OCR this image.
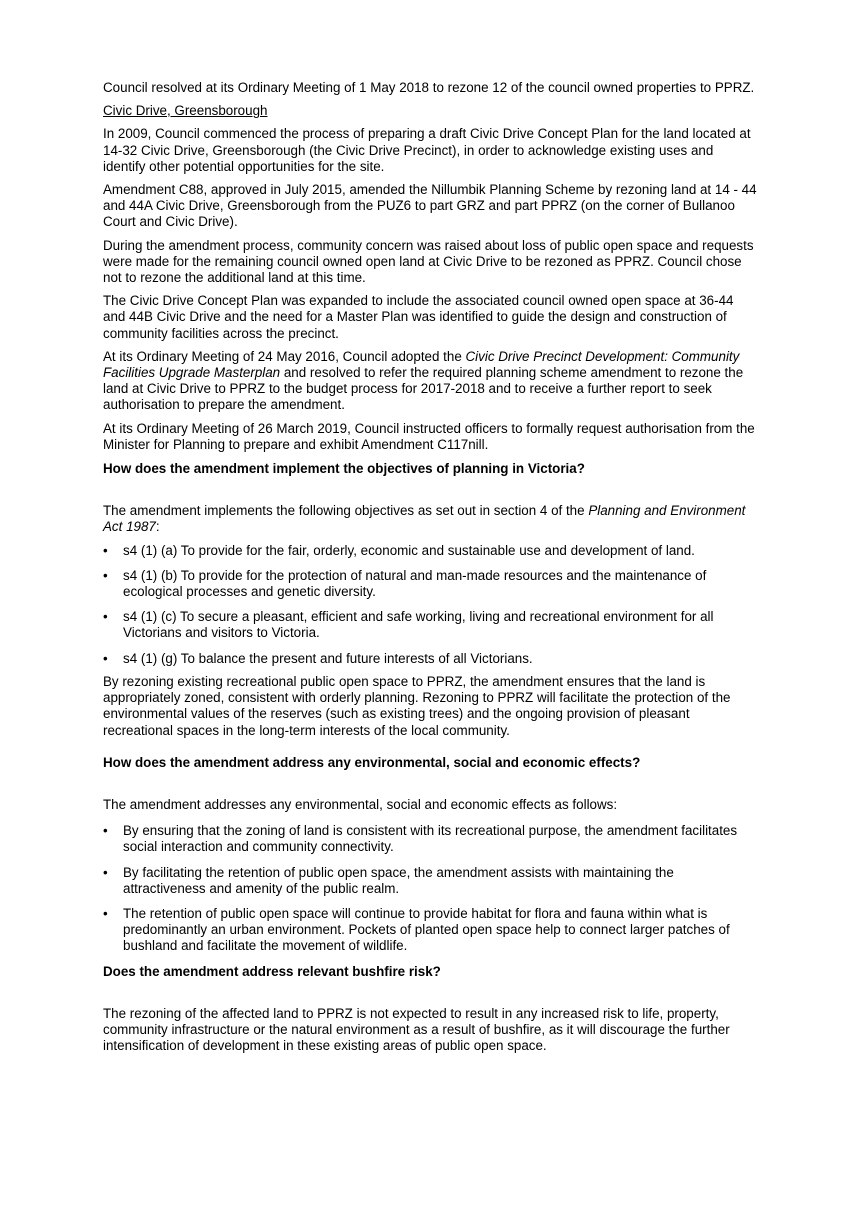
Council resolved at its Ordinary Meeting of 1 May 2018 to rezone 12 of the council owned properties to PPRZ.

Civic Drive, Greensborough

In 2009, Council commenced the process of preparing a draft Civic Drive Concept Plan for the land located at 14-32 Civic Drive, Greensborough (the Civic Drive Precinct), in order to acknowledge existing uses and identify other potential opportunities for the site.

Amendment C88, approved in July 2015, amended the Nillumbik Planning Scheme by rezoning land at 14 - 44 and 44A Civic Drive, Greensborough from the PUZ6 to part GRZ and part PPRZ (on the corner of Bullanoo Court and Civic Drive).

During the amendment process, community concern was raised about loss of public open space and requests were made for the remaining council owned open land at Civic Drive to be rezoned as PPRZ. Council chose not to rezone the additional land at this time.

The Civic Drive Concept Plan was expanded to include the associated council owned open space at 36-44 and 44B Civic Drive and the need for a Master Plan was identified to guide the design and construction of community facilities across the precinct.

At its Ordinary Meeting of 24 May 2016, Council adopted the Civic Drive Precinct Development: Community Facilities Upgrade Masterplan and resolved to refer the required planning scheme amendment to rezone the land at Civic Drive to PPRZ to the budget process for 2017-2018 and to receive a further report to seek authorisation to prepare the amendment.

At its Ordinary Meeting of 26 March 2019, Council instructed officers to formally request authorisation from the Minister for Planning to prepare and exhibit Amendment C117nill.

How does the amendment implement the objectives of planning in Victoria?

The amendment implements the following objectives as set out in section 4 of the Planning and Environment Act 1987:

• s4 (1) (a) To provide for the fair, orderly, economic and sustainable use and development of land.
• s4 (1) (b) To provide for the protection of natural and man-made resources and the maintenance of ecological processes and genetic diversity.
• s4 (1) (c) To secure a pleasant, efficient and safe working, living and recreational environment for all Victorians and visitors to Victoria.
• s4 (1) (g) To balance the present and future interests of all Victorians.

By rezoning existing recreational public open space to PPRZ, the amendment ensures that the land is appropriately zoned, consistent with orderly planning. Rezoning to PPRZ will facilitate the protection of the environmental values of the reserves (such as existing trees) and the ongoing provision of pleasant recreational spaces in the long-term interests of the local community.

How does the amendment address any environmental, social and economic effects?

The amendment addresses any environmental, social and economic effects as follows:

• By ensuring that the zoning of land is consistent with its recreational purpose, the amendment facilitates social interaction and community connectivity.
• By facilitating the retention of public open space, the amendment assists with maintaining the attractiveness and amenity of the public realm.
• The retention of public open space will continue to provide habitat for flora and fauna within what is predominantly an urban environment. Pockets of planted open space help to connect larger patches of bushland and facilitate the movement of wildlife.
Does the amendment address relevant bushfire risk?

The rezoning of the affected land to PPRZ is not expected to result in any increased risk to life, property, community infrastructure or the natural environment as a result of bushfire, as it will discourage the further intensification of development in these existing areas of public open space.
